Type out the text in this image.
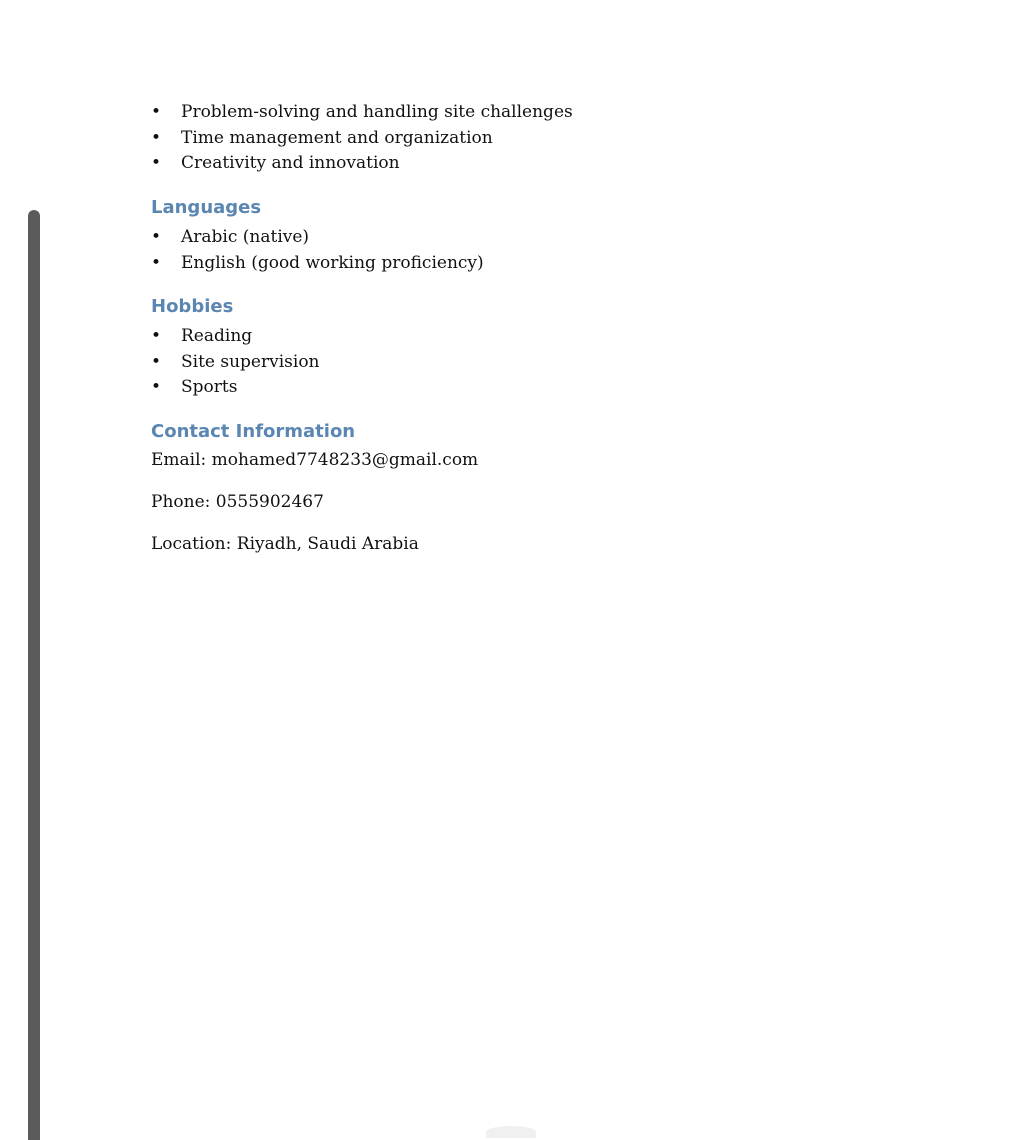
• Problem-solving and handling site challenges
• Time management and organization
• Creativity and innovation
Languages
• Arabic (native)
• English (good working proficiency)
Hobbies
• Reading
• Site supervision
• Sports
Contact Information

Email: mohamed7748233@gmail.com

Phone: 0555902467

Location: Riyadh, Saudi Arabia
